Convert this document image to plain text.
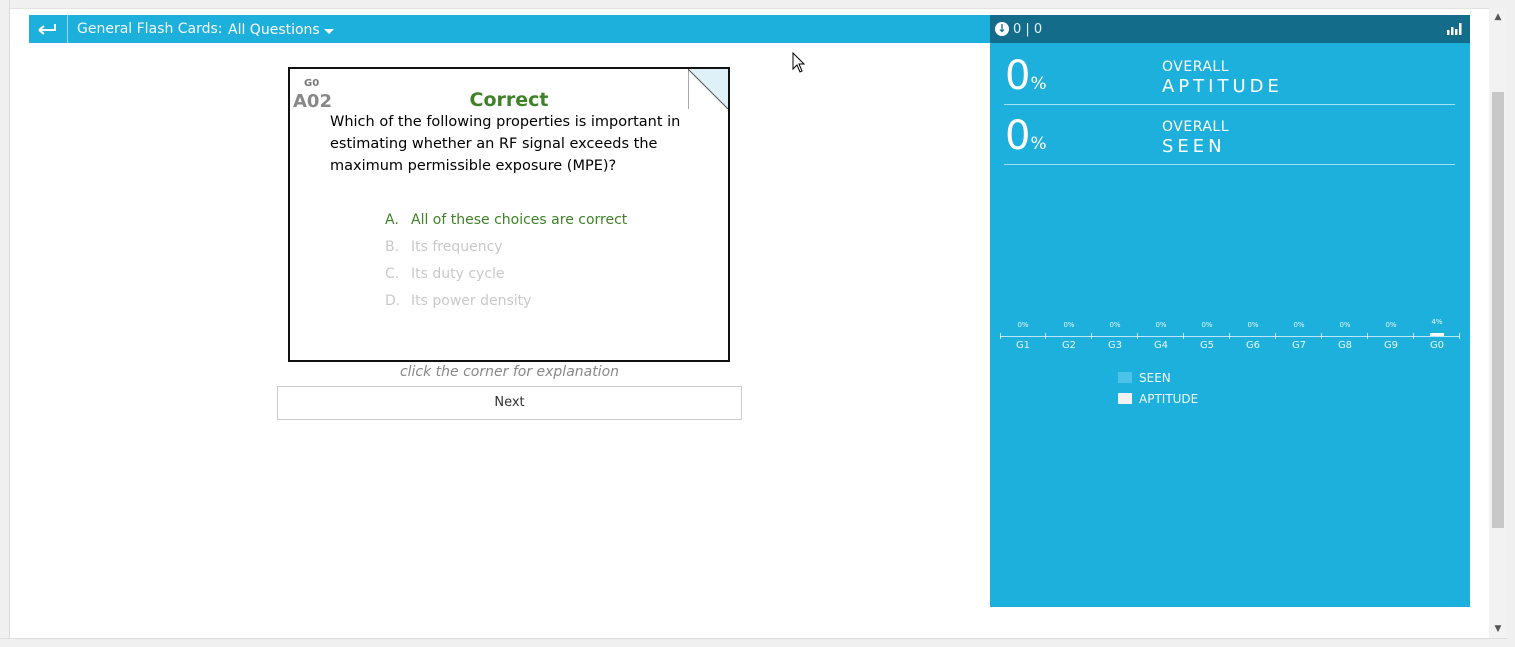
▲
▼
General Flash Cards: All Questions	↓ 0 | 0
G0
A02	Correct
Which of the following properties is important in estimating whether an RF signal exceeds the maximum permissible exposure (MPE)?
A. All of these choices are correct
B. Its frequency
C. Its duty cycle
D. Its power density
click the corner for explanation
Next
0%
OVERALL
APTITUDE
0%
OVERALL
SEEN
0%
G1
0%
G2
0%
G3
0%
G4
0%
G5
0%
G6
0%
G7
0%
G8
0%
G9
4%
G0
SEEN
APTITUDE
